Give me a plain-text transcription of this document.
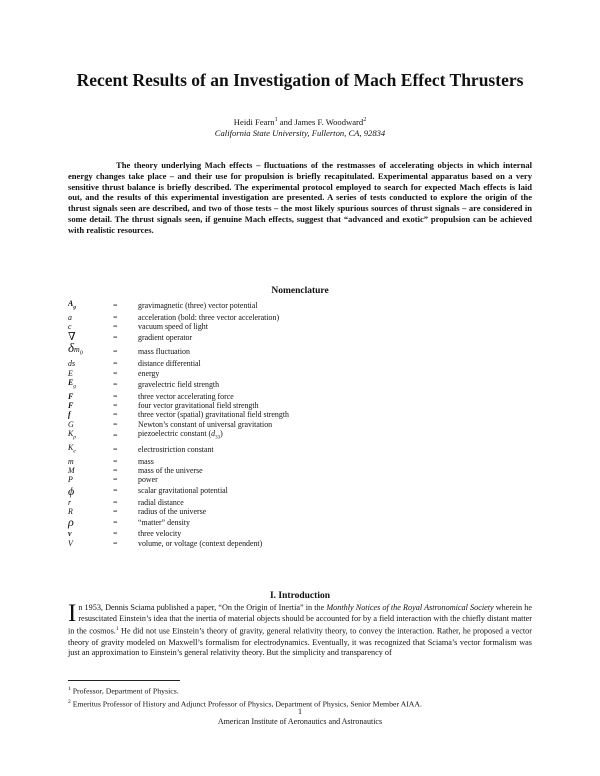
Recent Results of an Investigation of Mach Effect Thrusters
Heidi Fearn$^1$ and James F. Woodward$^2$
California State University, Fullerton, CA, 92834

The theory underlying Mach effects – fluctuations of the restmasses of accelerating objects in which internal energy changes take place – and their use for propulsion is briefly recapitulated. Experimental apparatus based on a very sensitive thrust balance is briefly described. The experimental protocol employed to search for expected Mach effects is laid out, and the results of this experimental investigation are presented. A series of tests conducted to explore the origin of the thrust signals seen are described, and two of those tests – the most likely spurious sources of thrust signals – are considered in some detail. The thrust signals seen, if genuine Mach effects, suggest that “advanced and exotic” propulsion can be achieved with realistic resources.

Nomenclature
$A_g$	=	gravimagnetic (three) vector potential
a	=	acceleration (bold: three vector acceleration)
c	=	vacuum speed of light
∇	=	gradient operator
$\delta m_0$	=	mass fluctuation
ds	=	distance differential
E	=	energy
$E_g$	=	gravelectric field strength
F	=	three vector accelerating force
F	=	four vector gravitational field strength
f	=	three vector (spatial) gravitational field strength
G	=	Newton’s constant of universal gravitation
$K_p$	=	piezoelectric constant $(d_{33})$
$K_e$	=	electrostriction constant
m	=	mass
M	=	mass of the universe
P	=	power
ϕ	=	scalar gravitational potential
r	=	radial distance
R	=	radius of the universe
ρ	=	“matter” density
v	=	three velocity
V	=	volume, or voltage (context dependent)
I. Introduction

In 1953, Dennis Sciama published a paper, “On the Origin of Inertia” in the Monthly Notices of the Royal Astronomical Society wherein he resuscitated Einstein’s idea that the inertia of material objects should be accounted for by a field interaction with the chiefly distant matter in the cosmos.$^1$ He did not use Einstein’s theory of gravity, general relativity theory, to convey the interaction. Rather, he proposed a vector theory of gravity modeled on Maxwell’s formalism for electrodynamics. Eventually, it was recognized that Sciama’s vector formalism was just an approximation to Einstein’s general relativity theory. But the simplicity and transparency of

$^1$ Professor, Department of Physics.
$^2$ Emeritus Professor of History and Adjunct Professor of Physics, Department of Physics, Senior Member AIAA.
1
American Institute of Aeronautics and Astronautics
